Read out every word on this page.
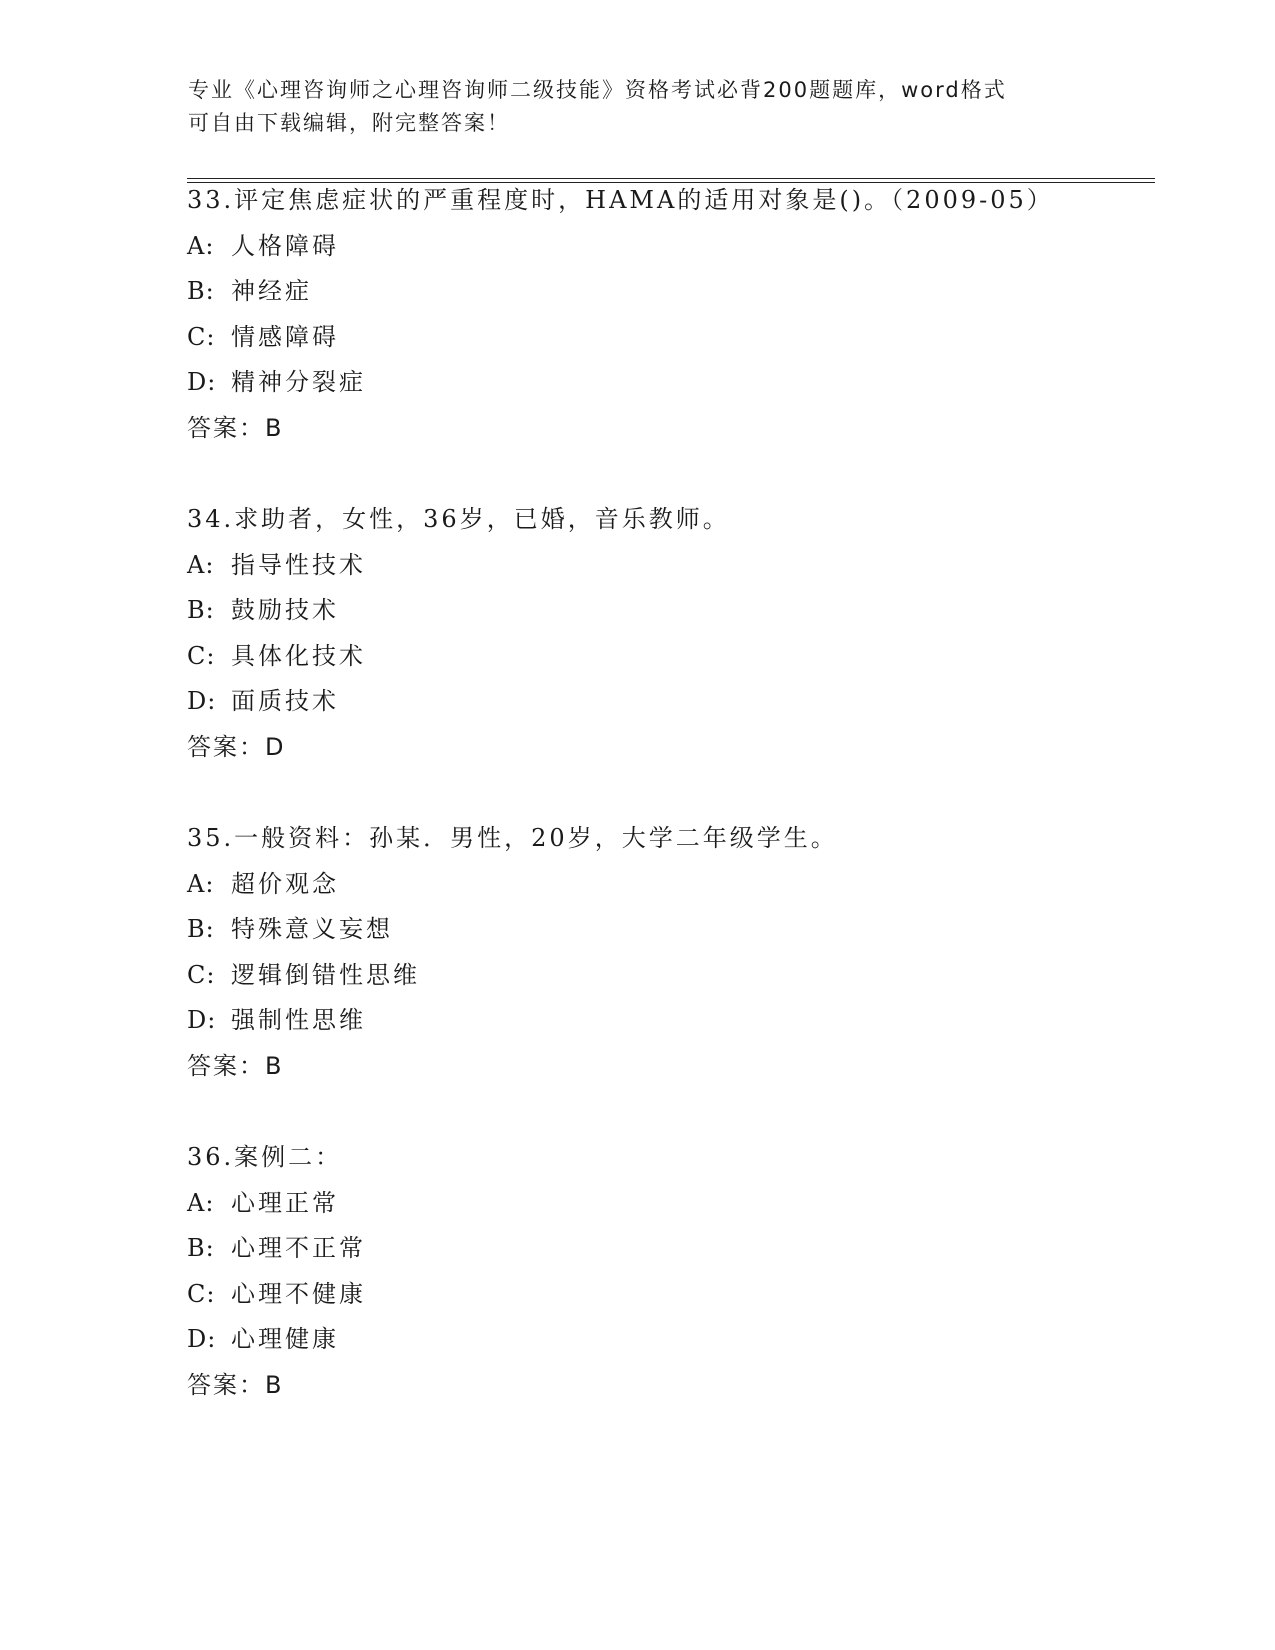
专业《心理咨询师之心理咨询师二级技能》资格考试必背200题题库，word格式
可自由下载编辑，附完整答案！
33.评定焦虑症状的严重程度时，HAMA的适用对象是()。（2009-05）
A: 人格障碍
B: 神经症
C: 情感障碍
D: 精神分裂症
答案：B
34.求助者，女性，36岁，已婚，音乐教师。
A: 指导性技术
B: 鼓励技术
C: 具体化技术
D: 面质技术
答案：D
35.一般资料：孙某．男性，20岁，大学二年级学生。
A: 超价观念
B: 特殊意义妄想
C: 逻辑倒错性思维
D: 强制性思维
答案：B
36.案例二：
A: 心理正常
B: 心理不正常
C: 心理不健康
D: 心理健康
答案：B
